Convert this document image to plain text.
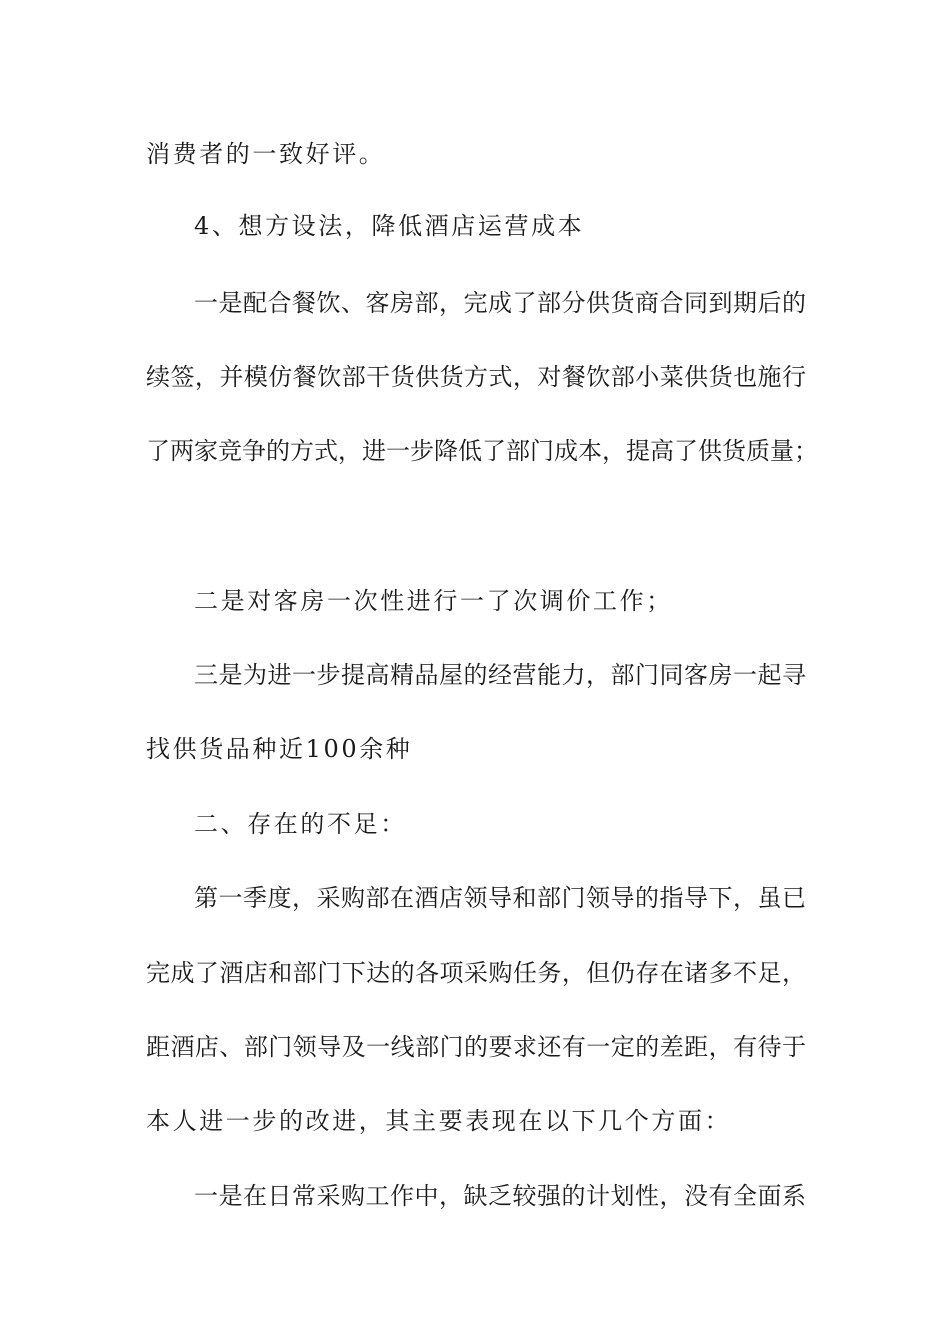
消费者的一致好评。
4、想方设法，降低酒店运营成本
一是配合餐饮、客房部，完成了部分供货商合同到期后的
续签，并模仿餐饮部干货供货方式，对餐饮部小菜供货也施行
了两家竞争的方式，进一步降低了部门成本，提高了供货质量；
二是对客房一次性进行一了次调价工作；
三是为进一步提高精品屋的经营能力，部门同客房一起寻
找供货品种近100余种
二、存在的不足：
第一季度，采购部在酒店领导和部门领导的指导下，虽已
完成了酒店和部门下达的各项采购任务，但仍存在诸多不足，
距酒店、部门领导及一线部门的要求还有一定的差距，有待于
本人进一步的改进，其主要表现在以下几个方面：
一是在日常采购工作中，缺乏较强的计划性，没有全面系
